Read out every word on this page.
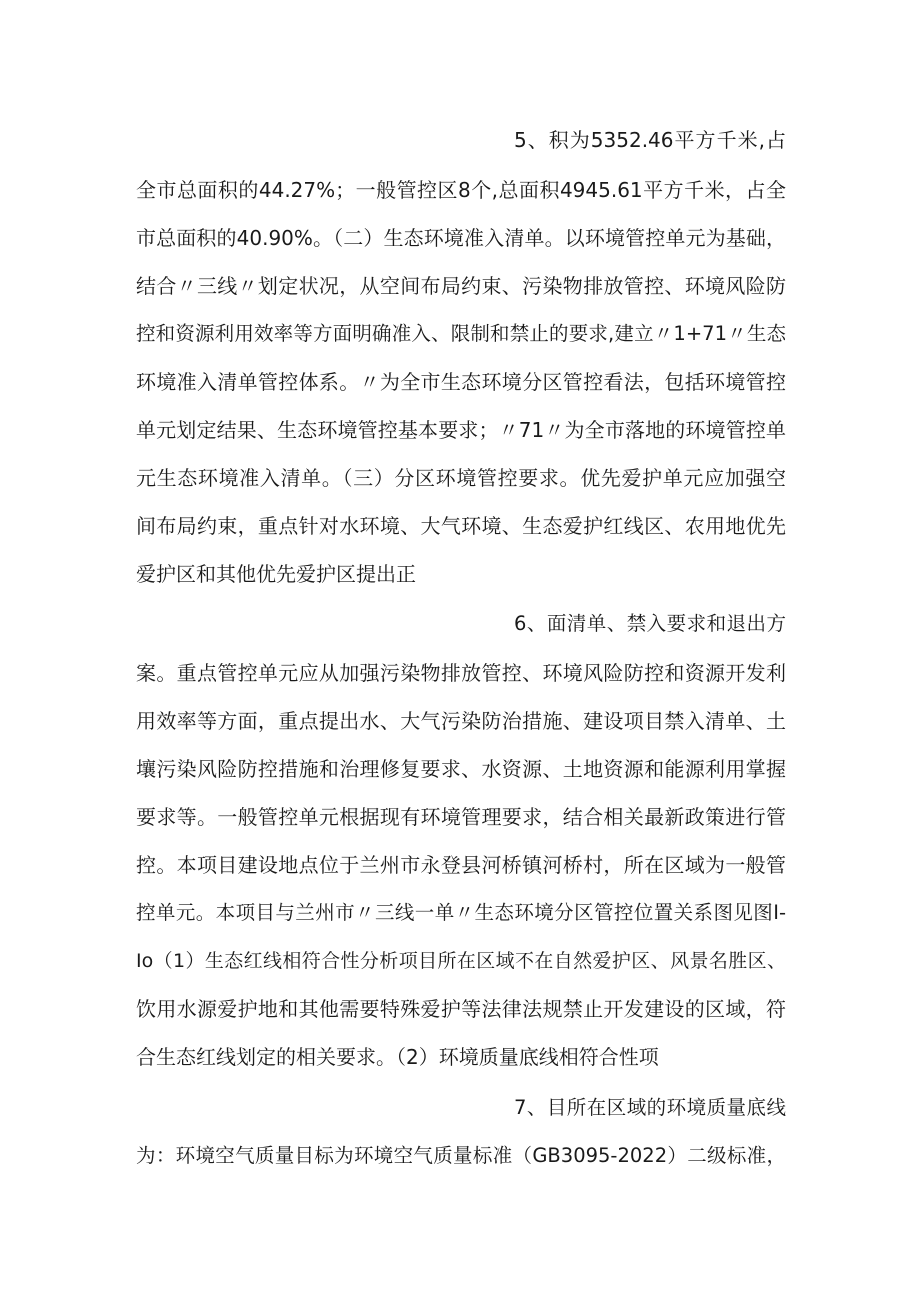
5、积为5352.46平方千米,占
全市总面积的44.27%；一般管控区8个,总面积4945.61平方千米，占全
市总面积的40.90%。（二）生态环境准入清单。以环境管控单元为基础，
结合〃三线〃划定状况，从空间布局约束、污染物排放管控、环境风险防
控和资源利用效率等方面明确准入、限制和禁止的要求,建立〃1+71〃生态
环境准入清单管控体系。〃为全市生态环境分区管控看法，包括环境管控
单元划定结果、生态环境管控基本要求；〃71〃为全市落地的环境管控单
元生态环境准入清单。（三）分区环境管控要求。优先爱护单元应加强空
间布局约束，重点针对水环境、大气环境、生态爱护红线区、农用地优先
爱护区和其他优先爱护区提出正
6、面清单、禁入要求和退出方
案。重点管控单元应从加强污染物排放管控、环境风险防控和资源开发利
用效率等方面，重点提出水、大气污染防治措施、建设项目禁入清单、土
壤污染风险防控措施和治理修复要求、水资源、土地资源和能源利用掌握
要求等。一般管控单元根据现有环境管理要求，结合相关最新政策进行管
控。本项目建设地点位于兰州市永登县河桥镇河桥村，所在区域为一般管
控单元。本项目与兰州市〃三线一单〃生态环境分区管控位置关系图见图I-
Io（1）生态红线相符合性分析项目所在区域不在自然爱护区、风景名胜区、
饮用水源爱护地和其他需要特殊爱护等法律法规禁止开发建设的区域，符
合生态红线划定的相关要求。（2）环境质量底线相符合性项
7、目所在区域的环境质量底线
为：环境空气质量目标为环境空气质量标准（GB3095-2022）二级标准，
